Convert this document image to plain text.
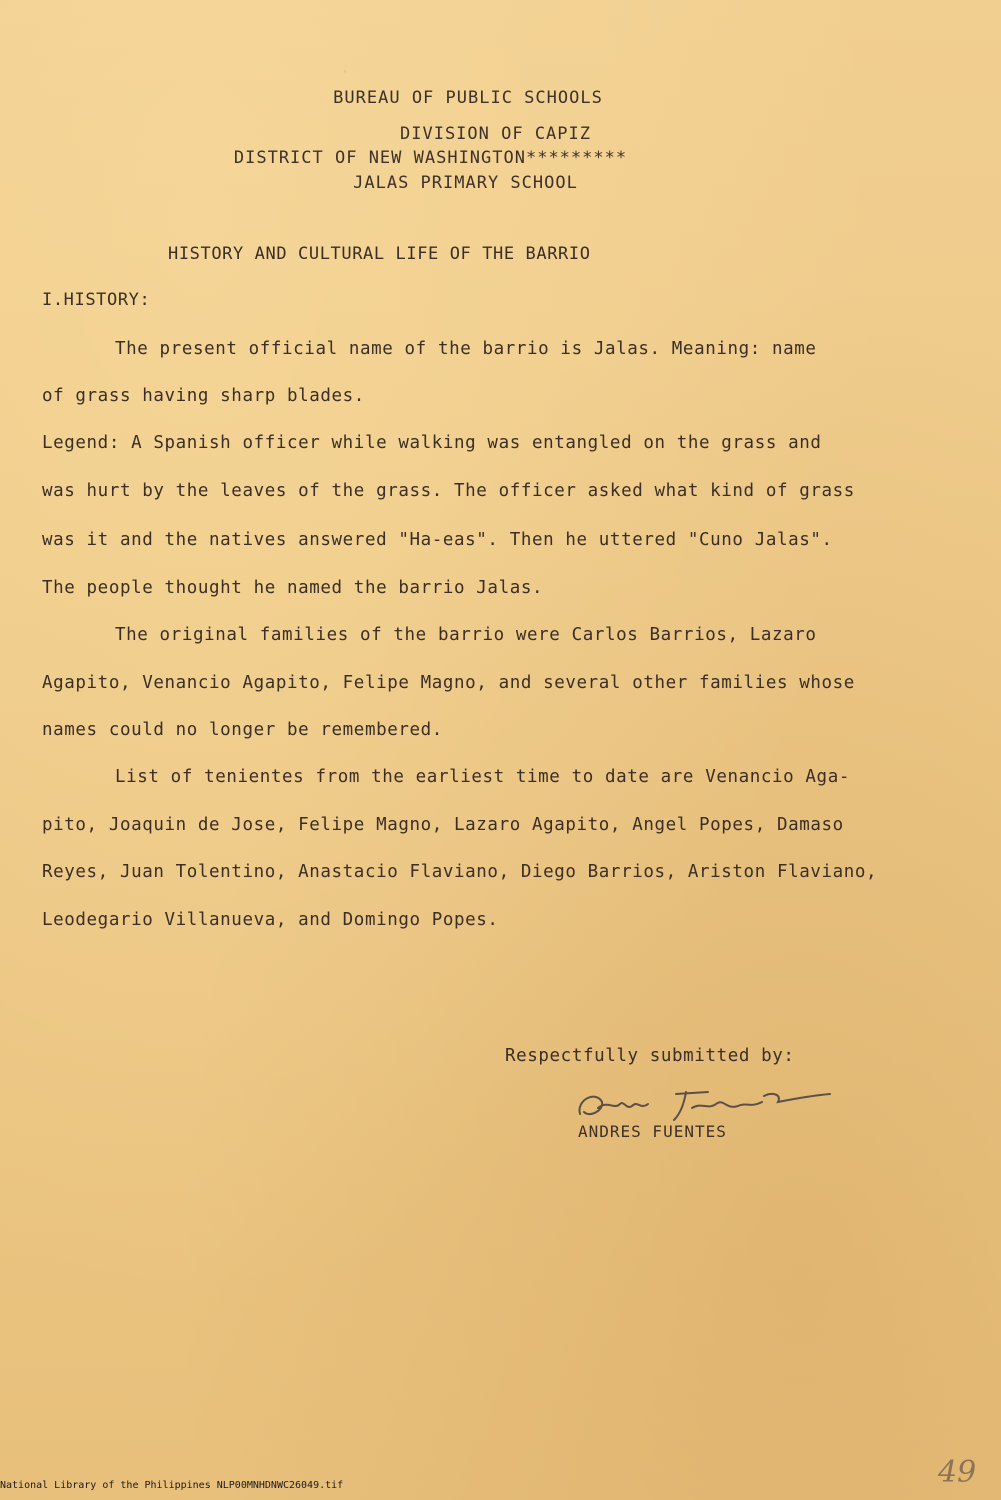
·
BUREAU OF PUBLIC SCHOOLS
DIVISION OF CAPIZ
DISTRICT OF NEW WASHINGTON*********
JALAS PRIMARY SCHOOL
HISTORY AND CULTURAL LIFE OF THE BARRIO
I.HISTORY:
The present official name of the barrio is Jalas. Meaning: name
of grass having sharp blades.
Legend: A Spanish officer while walking was entangled on the grass and
was hurt by the leaves of the grass. The officer asked what kind of grass
was it and the natives answered "Ha-eas". Then he uttered "Cuno Jalas".
The people thought he named the barrio Jalas.
The original families of the barrio were Carlos Barrios, Lazaro
Agapito, Venancio Agapito, Felipe Magno, and several other families whose
names could no longer be remembered.
List of tenientes from the earliest time to date are Venancio Aga-
pito, Joaquin de Jose, Felipe Magno, Lazaro Agapito, Angel Popes, Damaso
Reyes, Juan Tolentino, Anastacio Flaviano, Diego Barrios, Ariston Flaviano,
Leodegario Villanueva, and Domingo Popes.
Respectfully submitted by:
ANDRES FUENTES
49
National Library of the Philippines NLP00MNHDNWC26049.tif
